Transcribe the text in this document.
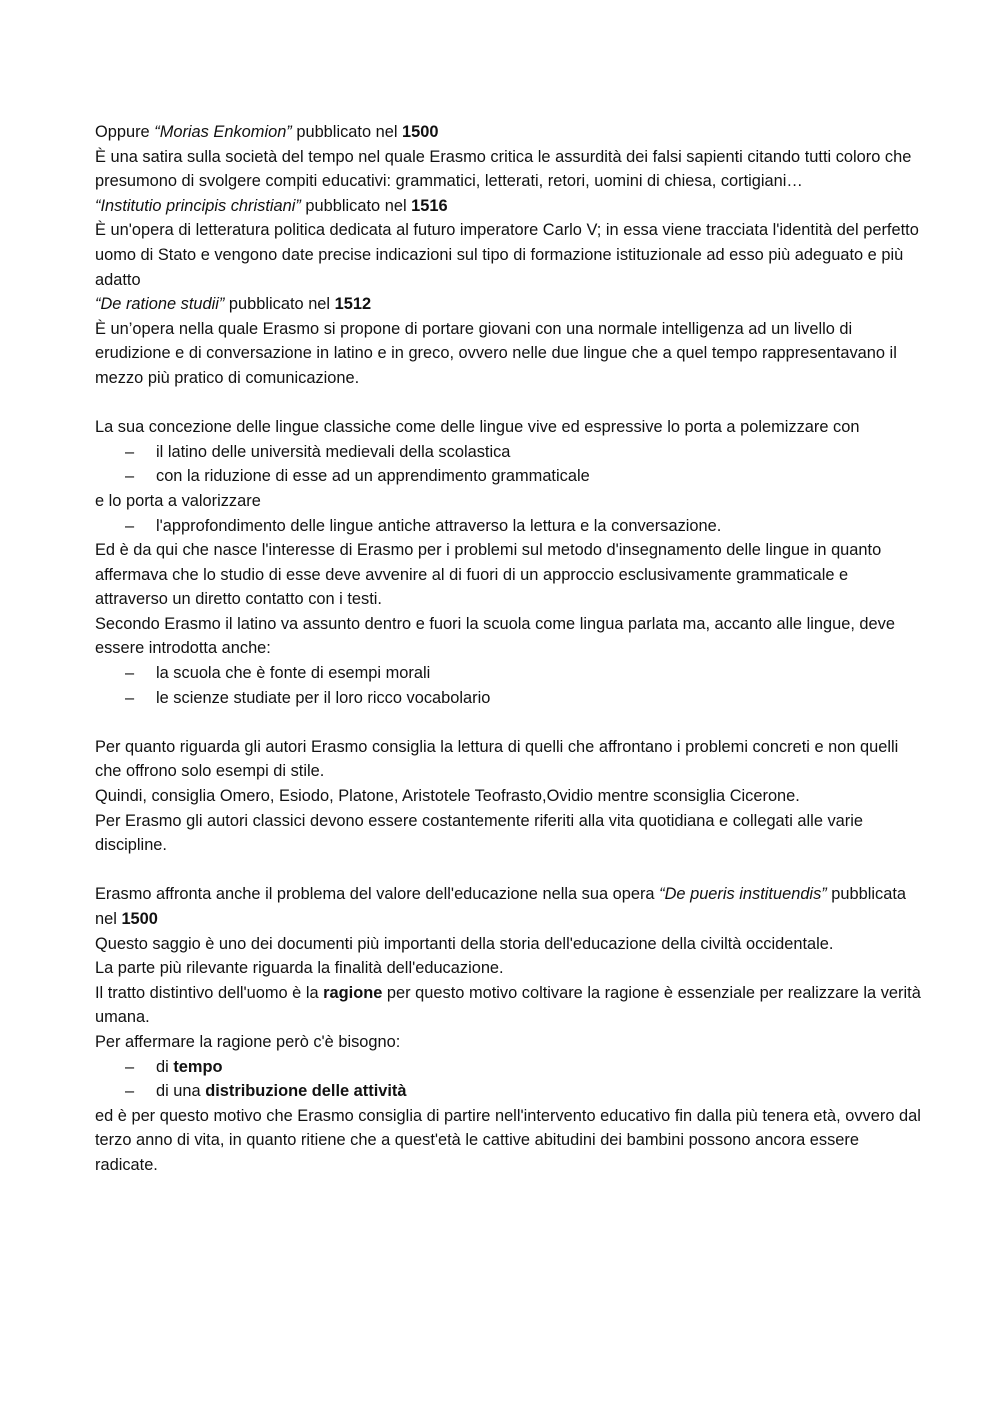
Oppure “Morias Enkomion” pubblicato nel 1500

È una satira sulla società del tempo nel quale Erasmo critica le assurdità dei falsi sapienti citando tutti coloro che presumono di svolgere compiti educativi: grammatici, letterati, retori, uomini di chiesa, cortigiani…

“Institutio principis christiani” pubblicato nel 1516

È un'opera di letteratura politica dedicata al futuro imperatore Carlo V; in essa viene tracciata l'identità del perfetto uomo di Stato e vengono date precise indicazioni sul tipo di formazione istituzionale ad esso più adeguato e più adatto

“De ratione studii” pubblicato nel 1512

È un’opera nella quale Erasmo si propone di portare giovani con una normale intelligenza ad un livello di erudizione e di conversazione in latino e in greco, ovvero nelle due lingue che a quel tempo rappresentavano il mezzo più pratico di comunicazione.

La sua concezione delle lingue classiche come delle lingue vive ed espressive lo porta a polemizzare con

– il latino delle università medievali della scolastica
– con la riduzione di esse ad un apprendimento grammaticale

e lo porta a valorizzare

– l'approfondimento delle lingue antiche attraverso la lettura e la conversazione.

Ed è da qui che nasce l'interesse di Erasmo per i problemi sul metodo d'insegnamento delle lingue in quanto affermava che lo studio di esse deve avvenire al di fuori di un approccio esclusivamente grammaticale e attraverso un diretto contatto con i testi.

Secondo Erasmo il latino va assunto dentro e fuori la scuola come lingua parlata ma, accanto alle lingue, deve essere introdotta anche:

– la scuola che è fonte di esempi morali
– le scienze studiate per il loro ricco vocabolario

Per quanto riguarda gli autori Erasmo consiglia la lettura di quelli che affrontano i problemi concreti e non quelli che offrono solo esempi di stile.

Quindi, consiglia Omero, Esiodo, Platone, Aristotele Teofrasto,Ovidio mentre sconsiglia Cicerone.

Per Erasmo gli autori classici devono essere costantemente riferiti alla vita quotidiana e collegati alle varie discipline.

Erasmo affronta anche il problema del valore dell'educazione nella sua opera “De pueris instituendis” pubblicata nel 1500

Questo saggio è uno dei documenti più importanti della storia dell'educazione della civiltà occidentale.

La parte più rilevante riguarda la finalità dell'educazione.

Il tratto distintivo dell'uomo è la ragione per questo motivo coltivare la ragione è essenziale per realizzare la verità umana.

Per affermare la ragione però c'è bisogno:

– di tempo
– di una distribuzione delle attività

ed è per questo motivo che Erasmo consiglia di partire nell'intervento educativo fin dalla più tenera età, ovvero dal terzo anno di vita, in quanto ritiene che a quest'età le cattive abitudini dei bambini possono ancora essere radicate.
